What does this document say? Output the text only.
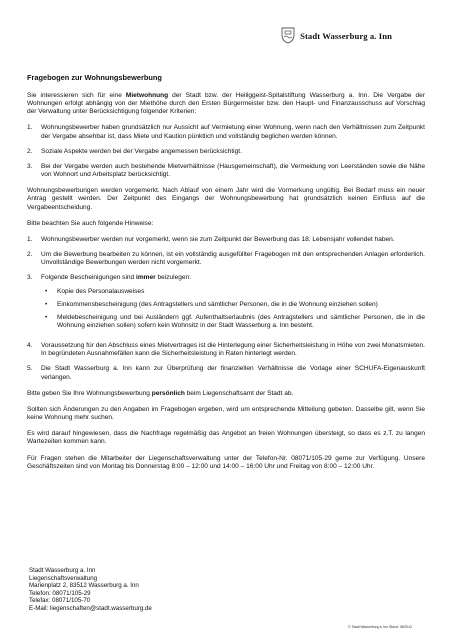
Stadt Wasserburg a. Inn
Fragebogen zur Wohnungsbewerbung

Sie interessieren sich für eine Mietwohnung der Stadt bzw. der Heiliggeist-Spitalstiftung Wasserburg a. Inn. Die Vergabe der Wohnungen erfolgt abhängig von der Miethöhe durch den Ersten Bürgermeister bzw. den Haupt- und Finanzausschuss auf Vorschlag der Verwaltung unter Berücksichtigung folgender Kriterien:

1.	Wohnungsbewerber haben grundsätzlich nur Aussicht auf Vermietung einer Wohnung, wenn nach den Verhältnissen zum Zeitpunkt der Vergabe absehbar ist, dass Miete und Kaution pünktlich und vollständig beglichen werden können.
2.	Soziale Aspekte werden bei der Vergabe angemessen berücksichtigt.
3.	Bei der Vergabe werden auch bestehende Mietverhältnisse (Hausgemeinschaft), die Vermeidung von Leerständen sowie die Nähe von Wohnort und Arbeitsplatz berücksichtigt.

Wohnungsbewerbungen werden vorgemerkt. Nach Ablauf von einem Jahr wird die Vormerkung ungültig. Bei Bedarf muss ein neuer Antrag gestellt werden. Der Zeitpunkt des Eingangs der Wohnungsbewerbung hat grundsätzlich keinen Einfluss auf die Vergabeentscheidung.

Bitte beachten Sie auch folgende Hinweise:

1.	Wohnungsbewerber werden nur vorgemerkt, wenn sie zum Zeitpunkt der Bewerbung das 18. Lebensjahr vollendet haben.
2.	Um die Bewerbung bearbeiten zu können, ist ein vollständig ausgefüllter Fragebogen mit den entsprechenden Anlagen erforderlich. Unvollständige Bewerbungen werden nicht vorgemerkt.
3.	Folgende Bescheinigungen sind immer beizulegen:
•	Kopie des Personalausweises
•	Einkommensbescheinigung (des Antragstellers und sämtlicher Personen, die in die Wohnung einziehen sollen)
•	Meldebescheinigung und bei Ausländern ggf. Aufenthaltserlaubnis (des Antragstellers und sämtlicher Personen, die in die Wohnung einziehen sollen) sofern kein Wohnsitz in der Stadt Wasserburg a. Inn besteht.
4.	Voraussetzung für den Abschluss eines Mietvertrages ist die Hinterlegung einer Sicherheitsleistung in Höhe von zwei Monatsmieten. In begründeten Ausnahmefällen kann die Sicherheitsleistung in Raten hinterlegt werden.
5.	Die Stadt Wasserburg a. Inn kann zur Überprüfung der finanziellen Verhältnisse die Vorlage einer SCHUFA-Eigenauskunft verlangen.

Bitte geben Sie Ihre Wohnungsbewerbung persönlich beim Liegenschaftsamt der Stadt ab.

Sollten sich Änderungen zu den Angaben im Fragebogen ergeben, wird um entsprechende Mitteilung gebeten. Dasselbe gilt, wenn Sie keine Wohnung mehr suchen.

Es wird darauf hingewiesen, dass die Nachfrage regelmäßig das Angebot an freien Wohnungen übersteigt, so dass es z.T. zu langen Wartezeiten kommen kann.

Für Fragen stehen die Mitarbeiter der Liegenschaftsverwaltung unter der Telefon-Nr. 08071/105-29 gerne zur Verfügung. Unsere Geschäftszeiten sind von Montag bis Donnerstag 8:00 – 12:00 und 14:00 – 16:00 Uhr und Freitag von 8:00 – 12:00 Uhr.

Stadt Wasserburg a. Inn
Liegenschaftsverwaltung
Marienplatz 2, 83512 Wasserburg a. Inn
Telefon: 08071/105-29
Telefax: 08071/105-70
E-Mail: liegenschaften@stadt.wasserburg.de
© Stadt Wasserburg a. Inn Stand: 08/2012
